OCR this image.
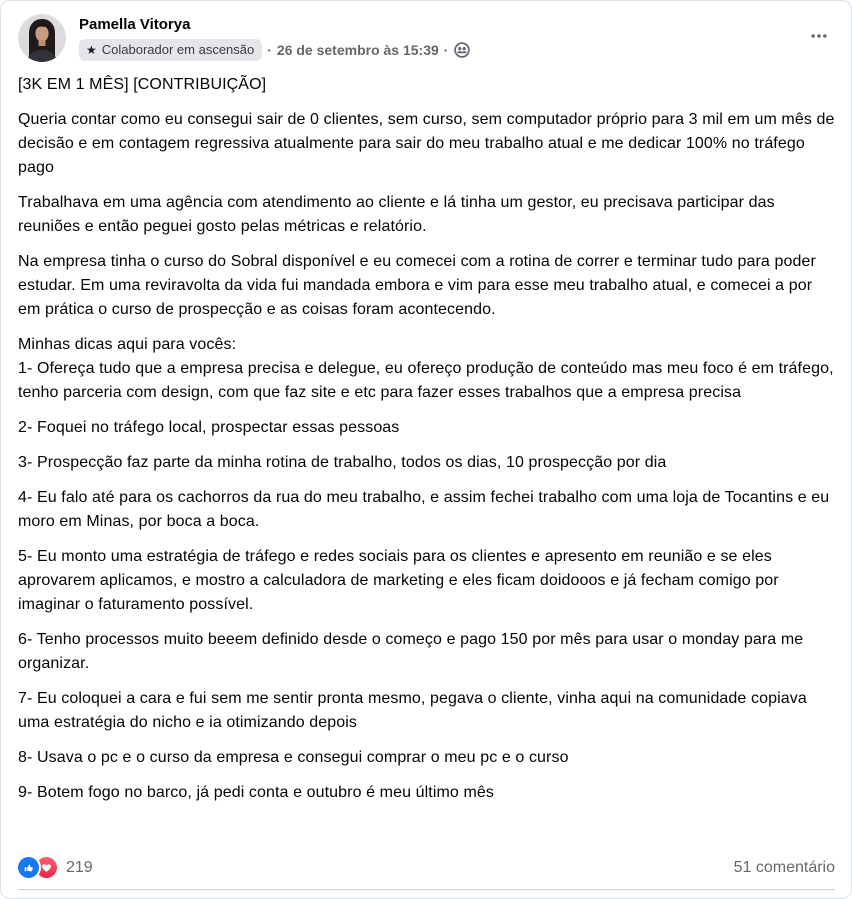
Pamella Vitorya
★ Colaborador em ascensão · 26 de setembro às 15:39 ·

[3K EM 1 MÊS] [CONTRIBUIÇÃO]

Queria contar como eu consegui sair de 0 clientes, sem curso, sem computador próprio para 3 mil em um mês de decisão e em contagem regressiva atualmente para sair do meu trabalho atual e me dedicar 100% no tráfego pago

Trabalhava em uma agência com atendimento ao cliente e lá tinha um gestor, eu precisava participar das reuniões e então peguei gosto pelas métricas e relatório.

Na empresa tinha o curso do Sobral disponível e eu comecei com a rotina de correr e terminar tudo para poder estudar. Em uma reviravolta da vida fui mandada embora e vim para esse meu trabalho atual, e comecei a por em prática o curso de prospecção e as coisas foram acontecendo.

Minhas dicas aqui para vocês:
1- Ofereça tudo que a empresa precisa e delegue, eu ofereço produção de conteúdo mas meu foco é em tráfego, tenho parceria com design, com que faz site e etc para fazer esses trabalhos que a empresa precisa

2- Foquei no tráfego local, prospectar essas pessoas

3- Prospecção faz parte da minha rotina de trabalho, todos os dias, 10 prospecção por dia

4- Eu falo até para os cachorros da rua do meu trabalho, e assim fechei trabalho com uma loja de Tocantins e eu moro em Minas, por boca a boca.

5- Eu monto uma estratégia de tráfego e redes sociais para os clientes e apresento em reunião e se eles aprovarem aplicamos, e mostro a calculadora de marketing e eles ficam doidooos e já fecham comigo por imaginar o faturamento possível.

6- Tenho processos muito beeem definido desde o começo e pago 150 por mês para usar o monday para me organizar.

7- Eu coloquei a cara e fui sem me sentir pronta mesmo, pegava o cliente, vinha aqui na comunidade copiava uma estratégia do nicho e ia otimizando depois

8- Usava o pc e o curso da empresa e consegui comprar o meu pc e o curso

9- Botem fogo no barco, já pedi conta e outubro é meu último mês

219	51 comentário
